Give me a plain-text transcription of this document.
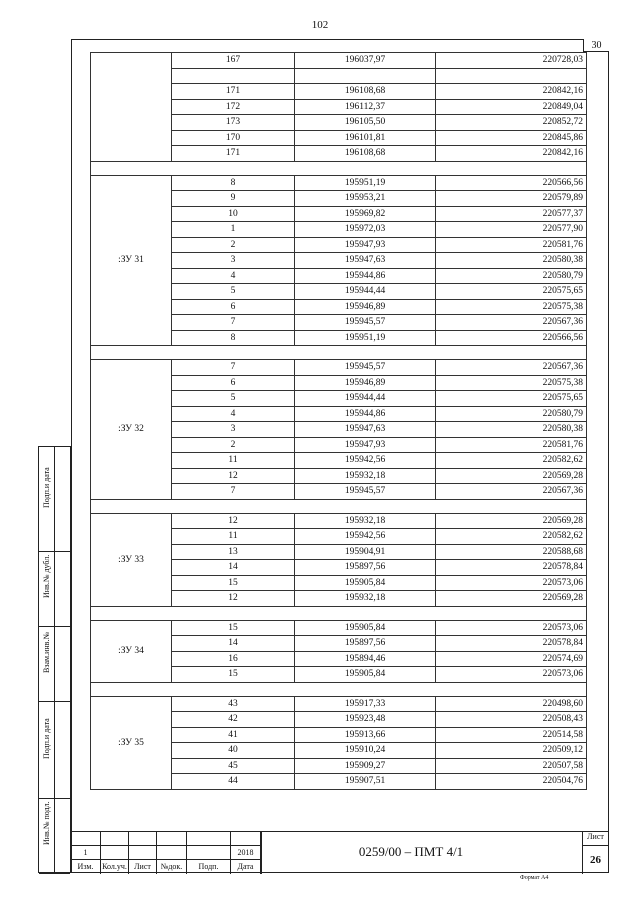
102
30
	167	196037,97	220728,03

	171	196108,68	220842,16
	172	196112,37	220849,04
	173	196105,50	220852,72
	170	196101,81	220845,86
	171	196108,68	220842,16

:ЗУ 31	8	195951,19	220566,56
	9	195953,21	220579,89
	10	195969,82	220577,37
	1	195972,03	220577,90
	2	195947,93	220581,76
	3	195947,63	220580,38
	4	195944,86	220580,79
	5	195944,44	220575,65
	6	195946,89	220575,38
	7	195945,57	220567,36
	8	195951,19	220566,56

:ЗУ 32	7	195945,57	220567,36
	6	195946,89	220575,38
	5	195944,44	220575,65
	4	195944,86	220580,79
	3	195947,63	220580,38
	2	195947,93	220581,76
	11	195942,56	220582,62
	12	195932,18	220569,28
	7	195945,57	220567,36

:ЗУ 33	12	195932,18	220569,28
	11	195942,56	220582,62
	13	195904,91	220588,68
	14	195897,56	220578,84
	15	195905,84	220573,06
	12	195932,18	220569,28

:ЗУ 34	15	195905,84	220573,06
	14	195897,56	220578,84
	16	195894,46	220574,69
	15	195905,84	220573,06

:ЗУ 35	43	195917,33	220498,60
	42	195923,48	220508,43
	41	195913,66	220514,58
	40	195910,24	220509,12
	45	195909,27	220507,58
	44	195907,51	220504,76
Подп.и дата
Инв.№ дубл.
Взам.инв.№
Подп.и дата
Инв.№ подл.
1
Изм.	Кол.уч. Лист	№док.	Подп.
2018
Дата
0259/00 – ПМТ 4/1
Лист
26
Формат А4
